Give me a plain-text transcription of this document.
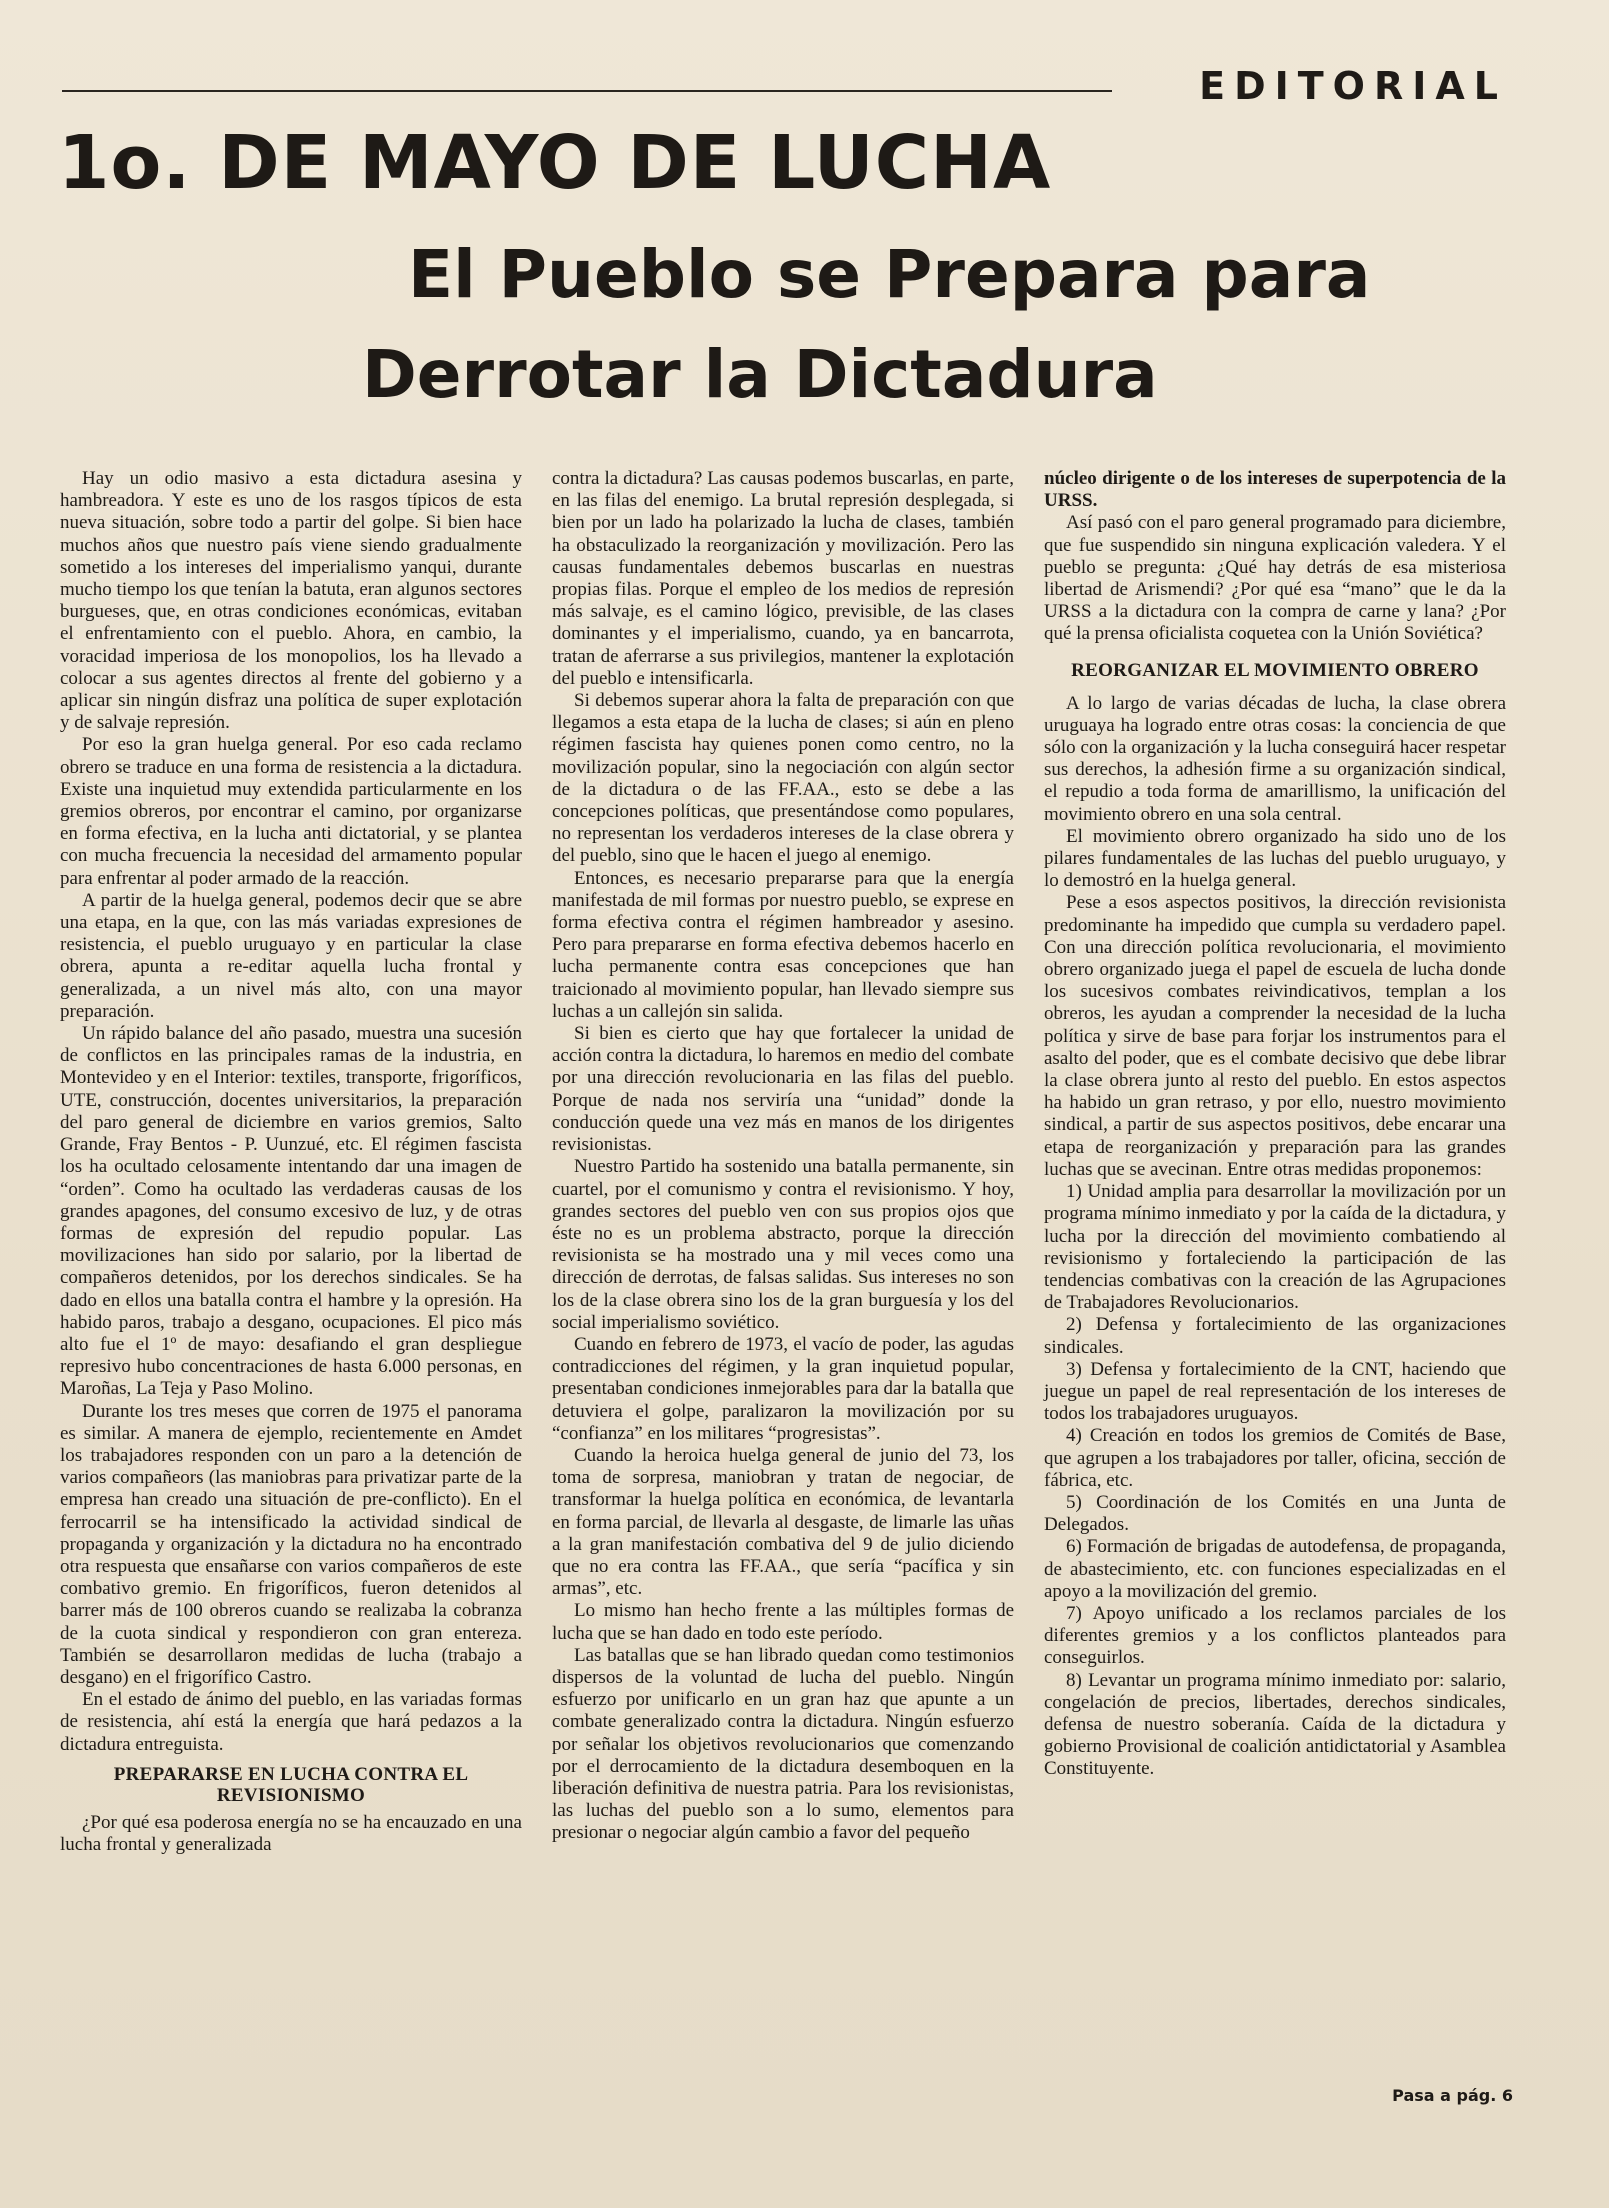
EDITORIAL
1o. DE MAYO DE LUCHA
El Pueblo se Prepara para
Derrotar la Dictadura

Hay un odio masivo a esta dictadura asesina y hambreadora. Y este es uno de los rasgos típicos de esta nueva situación, sobre todo a partir del golpe. Si bien hace muchos años que nuestro país viene siendo gradualmente sometido a los intereses del imperialismo yanqui, durante mucho tiempo los que tenían la batuta, eran algunos sectores burgueses, que, en otras condiciones económicas, evitaban el enfrentamiento con el pueblo. Ahora, en cambio, la voracidad imperiosa de los monopolios, los ha llevado a colocar a sus agentes directos al frente del gobierno y a aplicar sin ningún disfraz una política de super explotación y de salvaje represión.

Por eso la gran huelga general. Por eso cada reclamo obrero se traduce en una forma de resistencia a la dictadura. Existe una inquietud muy extendida particularmente en los gremios obreros, por encontrar el camino, por organizarse en forma efectiva, en la lucha anti dictatorial, y se plantea con mucha frecuencia la necesidad del armamento popular para enfrentar al poder armado de la reacción.

A partir de la huelga general, podemos decir que se abre una etapa, en la que, con las más variadas expresiones de resistencia, el pueblo uruguayo y en particular la clase obrera, apunta a re-editar aquella lucha frontal y generalizada, a un nivel más alto, con una mayor preparación.

Un rápido balance del año pasado, muestra una sucesión de conflictos en las principales ramas de la industria, en Montevideo y en el Interior: textiles, transporte, frigoríficos, UTE, construcción, docentes universitarios, la preparación del paro general de diciembre en varios gremios, Salto Grande, Fray Bentos - P. Uunzué, etc. El régimen fascista los ha ocultado celosamente intentando dar una imagen de “orden”. Como ha ocultado las verdaderas causas de los grandes apagones, del consumo excesivo de luz, y de otras formas de expresión del repudio popular. Las movilizaciones han sido por salario, por la libertad de compañeros detenidos, por los derechos sindicales. Se ha dado en ellos una batalla contra el hambre y la opresión. Ha habido paros, trabajo a desgano, ocupaciones. El pico más alto fue el 1º de mayo: desafiando el gran despliegue represivo hubo concentraciones de hasta 6.000 personas, en Maroñas, La Teja y Paso Molino.

Durante los tres meses que corren de 1975 el panorama es similar. A manera de ejemplo, recientemente en Amdet los trabajadores responden con un paro a la detención de varios compañeors (las maniobras para privatizar parte de la empresa han creado una situación de pre-conflicto). En el ferrocarril se ha intensificado la actividad sindical de propaganda y organización y la dictadura no ha encontrado otra respuesta que ensañarse con varios compañeros de este combativo gremio. En frigoríficos, fueron detenidos al barrer más de 100 obreros cuando se realizaba la cobranza de la cuota sindical y respondieron con gran entereza. También se desarrollaron medidas de lucha (trabajo a desgano) en el frigorífico Castro.

En el estado de ánimo del pueblo, en las variadas formas de resistencia, ahí está la energía que hará pedazos a la dictadura entreguista.

PREPARARSE EN LUCHA CONTRA EL REVISIONISMO

¿Por qué esa poderosa energía no se ha encauzado en una lucha frontal y generalizada

contra la dictadura? Las causas podemos buscarlas, en parte, en las filas del enemigo. La brutal represión desplegada, si bien por un lado ha polarizado la lucha de clases, también ha obstaculizado la reorganización y movilización. Pero las causas fundamentales debemos buscarlas en nuestras propias filas. Porque el empleo de los medios de represión más salvaje, es el camino lógico, previsible, de las clases dominantes y el imperialismo, cuando, ya en bancarrota, tratan de aferrarse a sus privilegios, mantener la explotación del pueblo e intensificarla.

Si debemos superar ahora la falta de preparación con que llegamos a esta etapa de la lucha de clases; si aún en pleno régimen fascista hay quienes ponen como centro, no la movilización popular, sino la negociación con algún sector de la dictadura o de las FF.AA., esto se debe a las concepciones políticas, que presentándose como populares, no representan los verdaderos intereses de la clase obrera y del pueblo, sino que le hacen el juego al enemigo.

Entonces, es necesario prepararse para que la energía manifestada de mil formas por nuestro pueblo, se exprese en forma efectiva contra el régimen hambreador y asesino. Pero para prepararse en forma efectiva debemos hacerlo en lucha permanente contra esas concepciones que han traicionado al movimiento popular, han llevado siempre sus luchas a un callejón sin salida.

Si bien es cierto que hay que fortalecer la unidad de acción contra la dictadura, lo haremos en medio del combate por una dirección revolucionaria en las filas del pueblo. Porque de nada nos serviría una “unidad” donde la conducción quede una vez más en manos de los dirigentes revisionistas.

Nuestro Partido ha sostenido una batalla permanente, sin cuartel, por el comunismo y contra el revisionismo. Y hoy, grandes sectores del pueblo ven con sus propios ojos que éste no es un problema abstracto, porque la dirección revisionista se ha mostrado una y mil veces como una dirección de derrotas, de falsas salidas. Sus intereses no son los de la clase obrera sino los de la gran burguesía y los del social imperialismo soviético.

Cuando en febrero de 1973, el vacío de poder, las agudas contradicciones del régimen, y la gran inquietud popular, presentaban condiciones inmejorables para dar la batalla que detuviera el golpe, paralizaron la movilización por su “confianza” en los militares “progresistas”.

Cuando la heroica huelga general de junio del 73, los toma de sorpresa, maniobran y tratan de negociar, de transformar la huelga política en económica, de levantarla en forma parcial, de llevarla al desgaste, de limarle las uñas a la gran manifestación combativa del 9 de julio diciendo que no era contra las FF.AA., que sería “pacífica y sin armas”, etc.

Lo mismo han hecho frente a las múltiples formas de lucha que se han dado en todo este período.

Las batallas que se han librado quedan como testimonios dispersos de la voluntad de lucha del pueblo. Ningún esfuerzo por unificarlo en un gran haz que apunte a un combate generalizado contra la dictadura. Ningún esfuerzo por señalar los objetivos revolucionarios que comenzando por el derrocamiento de la dictadura desemboquen en la liberación definitiva de nuestra patria. Para los revisionistas, las luchas del pueblo son a lo sumo, elementos para presionar o negociar algún cambio a favor del pequeño

núcleo dirigente o de los intereses de superpotencia de la URSS.

Así pasó con el paro general programado para diciembre, que fue suspendido sin ninguna explicación valedera. Y el pueblo se pregunta: ¿Qué hay detrás de esa misteriosa libertad de Arismendi? ¿Por qué esa “mano” que le da la URSS a la dictadura con la compra de carne y lana? ¿Por qué la prensa oficialista coquetea con la Unión Soviética?

REORGANIZAR EL MOVIMIENTO OBRERO

A lo largo de varias décadas de lucha, la clase obrera uruguaya ha logrado entre otras cosas: la conciencia de que sólo con la organización y la lucha conseguirá hacer respetar sus derechos, la adhesión firme a su organización sindical, el repudio a toda forma de amarillismo, la unificación del movimiento obrero en una sola central.

El movimiento obrero organizado ha sido uno de los pilares fundamentales de las luchas del pueblo uruguayo, y lo demostró en la huelga general.

Pese a esos aspectos positivos, la dirección revisionista predominante ha impedido que cumpla su verdadero papel. Con una dirección política revolucionaria, el movimiento obrero organizado juega el papel de escuela de lucha donde los sucesivos combates reivindicativos, templan a los obreros, les ayudan a comprender la necesidad de la lucha política y sirve de base para forjar los instrumentos para el asalto del poder, que es el combate decisivo que debe librar la clase obrera junto al resto del pueblo. En estos aspectos ha habido un gran retraso, y por ello, nuestro movimiento sindical, a partir de sus aspectos positivos, debe encarar una etapa de reorganización y preparación para las grandes luchas que se avecinan. Entre otras medidas proponemos:

1) Unidad amplia para desarrollar la movilización por un programa mínimo inmediato y por la caída de la dictadura, y lucha por la dirección del movimiento combatiendo al revisionismo y fortaleciendo la participación de las tendencias combativas con la creación de las Agrupaciones de Trabajadores Revolucionarios.

2) Defensa y fortalecimiento de las organizaciones sindicales.

3) Defensa y fortalecimiento de la CNT, haciendo que juegue un papel de real representación de los intereses de todos los trabajadores uruguayos.

4) Creación en todos los gremios de Comités de Base, que agrupen a los trabajadores por taller, oficina, sección de fábrica, etc.

5) Coordinación de los Comités en una Junta de Delegados.

6) Formación de brigadas de autodefensa, de propaganda, de abastecimiento, etc. con funciones especializadas en el apoyo a la movilización del gremio.

7) Apoyo unificado a los reclamos parciales de los diferentes gremios y a los conflictos planteados para conseguirlos.

8) Levantar un programa mínimo inmediato por: salario, congelación de precios, libertades, derechos sindicales, defensa de nuestro soberanía. Caída de la dictadura y gobierno Provisional de coalición antidictatorial y Asamblea Constituyente.

Pasa a pág. 6
